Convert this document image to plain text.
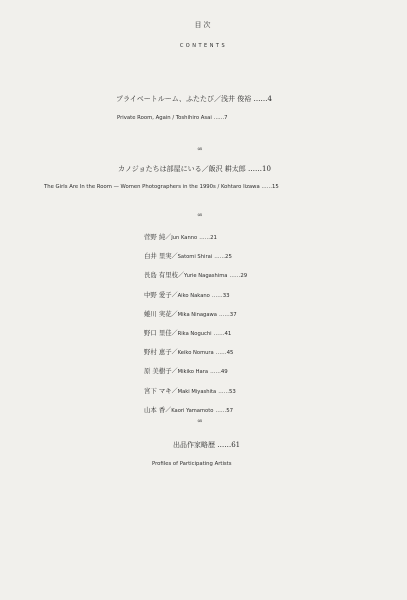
目次
CONTENTS
プライベートルーム、ふたたび／浅井 俊裕 ……4
Private Room, Again / Toshihiro Asai ……7
∞
カノジョたちは部屋にいる／飯沢 耕太郎 ……10
The Girls Are In the Room — Women Photographers in the 1990s / Kohtaro Iizawa ……15
∞
菅野 純／Jun Kanno ……21
白井 里実／Satomi Shirai ……25
長島 有里枝／Yurie Nagashima ……29
中野 愛子／Aiko Nakano ……33
蜷川 実花／Mika Ninagawa ……37
野口 里佳／Rika Noguchi ……41
野村 恵子／Keiko Nomura ……45
原 美樹子／Mikiko Hara ……49
宮下 マキ／Maki Miyashita ……53
山本 香／Kaori Yamamoto ……57
∞
出品作家略歴 ……61
Profiles of Participating Artists
